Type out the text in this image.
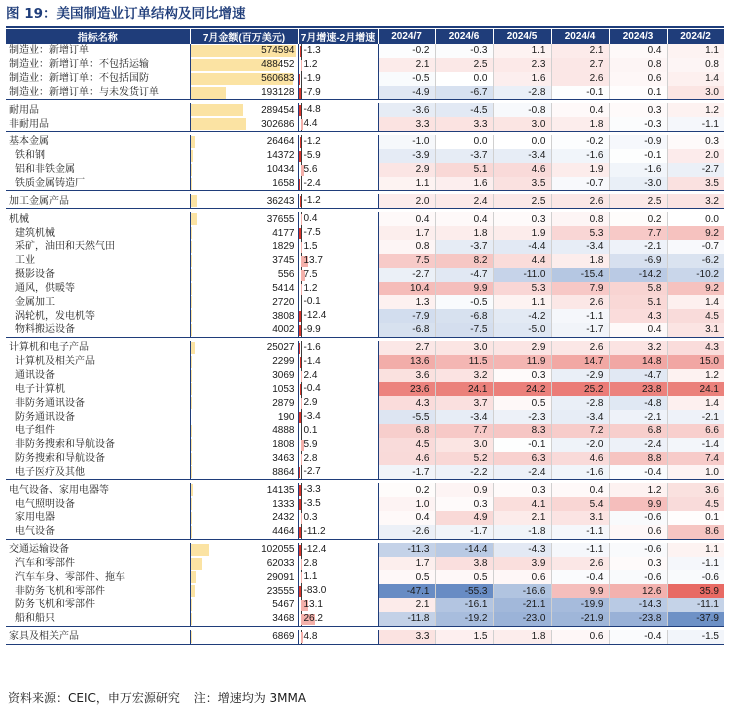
图 19：美国制造业订单结构及同比增速
指标名称	7月金额(百万美元)	7月增速-2月增速	2024/7	2024/6	2024/5	2024/4	2024/3	2024/2
制造业：新增订单	574594	-1.3	-0.2	-0.3	1.1	2.1	0.4	1.1
制造业：新增订单：不包括运输	488452	1.2	2.1	2.5	2.3	2.7	0.8	0.8
制造业：新增订单：不包括国防	560683	-1.9	-0.5	0.0	1.6	2.6	0.6	1.4
制造业：新增订单：与未发货订单	193128	-7.9	-4.9	-6.7	-2.8	-0.1	0.1	3.0

耐用品	289454	-4.8	-3.6	-4.5	-0.8	0.4	0.3	1.2
非耐用品	302686	4.4	3.3	3.3	3.0	1.8	-0.3	-1.1

基本金属	26464	-1.2	-1.0	0.0	0.0	-0.2	-0.9	0.3
铁和钢	14372	-5.9	-3.9	-3.7	-3.4	-1.6	-0.1	2.0
铝和非铁金属	10434	5.6	2.9	5.1	4.6	1.9	-1.6	-2.7
铁质金属铸造厂	1658	-2.4	1.1	1.6	3.5	-0.7	-3.0	3.5

加工金属产品	36243	-1.2	2.0	2.4	2.5	2.6	2.5	3.2

机械	37655	0.4	0.4	0.4	0.3	0.8	0.2	0.0
建筑机械	4177	-7.5	1.7	1.8	1.9	5.3	7.7	9.2
采矿，油田和天然气田	1829	1.5	0.8	-3.7	-4.4	-3.4	-2.1	-0.7
工业	3745	13.7	7.5	8.2	4.4	1.8	-6.9	-6.2
摄影设备	556	7.5	-2.7	-4.7	-11.0	-15.4	-14.2	-10.2
通风，供暖等	5414	1.2	10.4	9.9	5.3	7.9	5.8	9.2
金属加工	2720	-0.1	1.3	-0.5	1.1	2.6	5.1	1.4
涡轮机，发电机等	3808	-12.4	-7.9	-6.8	-4.2	-1.1	4.3	4.5
物料搬运设备	4002	-9.9	-6.8	-7.5	-5.0	-1.7	0.4	3.1

计算机和电子产品	25027	-1.6	2.7	3.0	2.9	2.6	3.2	4.3
计算机及相关产品	2299	-1.4	13.6	11.5	11.9	14.7	14.8	15.0
通讯设备	3069	2.4	3.6	3.2	0.3	-2.9	-4.7	1.2
电子计算机	1053	-0.4	23.6	24.1	24.2	25.2	23.8	24.1
非防务通讯设备	2879	2.9	4.3	3.7	0.5	-2.8	-4.8	1.4
防务通讯设备	190	-3.4	-5.5	-3.4	-2.3	-3.4	-2.1	-2.1
电子组件	4888	0.1	6.8	7.7	8.3	7.2	6.8	6.6
非防务搜索和导航设备	1808	5.9	4.5	3.0	-0.1	-2.0	-2.4	-1.4
防务搜索和导航设备	3463	2.8	4.6	5.2	6.3	4.6	8.8	7.4
电子医疗及其他	8864	-2.7	-1.7	-2.2	-2.4	-1.6	-0.4	1.0

电气设备、家用电器等	14135	-3.3	0.2	0.9	0.3	0.4	1.2	3.6
电气照明设备	1333	-3.5	1.0	0.3	4.1	5.4	9.9	4.5
家用电器	2432	0.3	0.4	4.9	2.1	3.1	-0.6	0.1
电气设备	4464	-11.2	-2.6	-1.7	-1.8	-1.1	0.6	8.6

交通运输设备	102055	-12.4	-11.3	-14.4	-4.3	-1.1	-0.6	1.1
汽车和零部件	62033	2.8	1.7	3.8	3.9	2.6	0.3	-1.1
汽车车身、零部件、拖车	29091	1.1	0.5	0.5	0.6	-0.4	-0.6	-0.6
非防务飞机和零部件	23555	-83.0	-47.1	-55.3	-16.6	9.9	12.6	35.9
防务飞机和零部件	5467	13.1	2.1	-16.1	-21.1	-19.9	-14.3	-11.1
船和船只	3468	26.2	-11.8	-19.2	-23.0	-21.9	-23.8	-37.9

家具及相关产品	6869	4.8	3.3	1.5	1.8	0.6	-0.4	-1.5
资料来源：CEIC，申万宏源研究 注：增速均为 3MMA
